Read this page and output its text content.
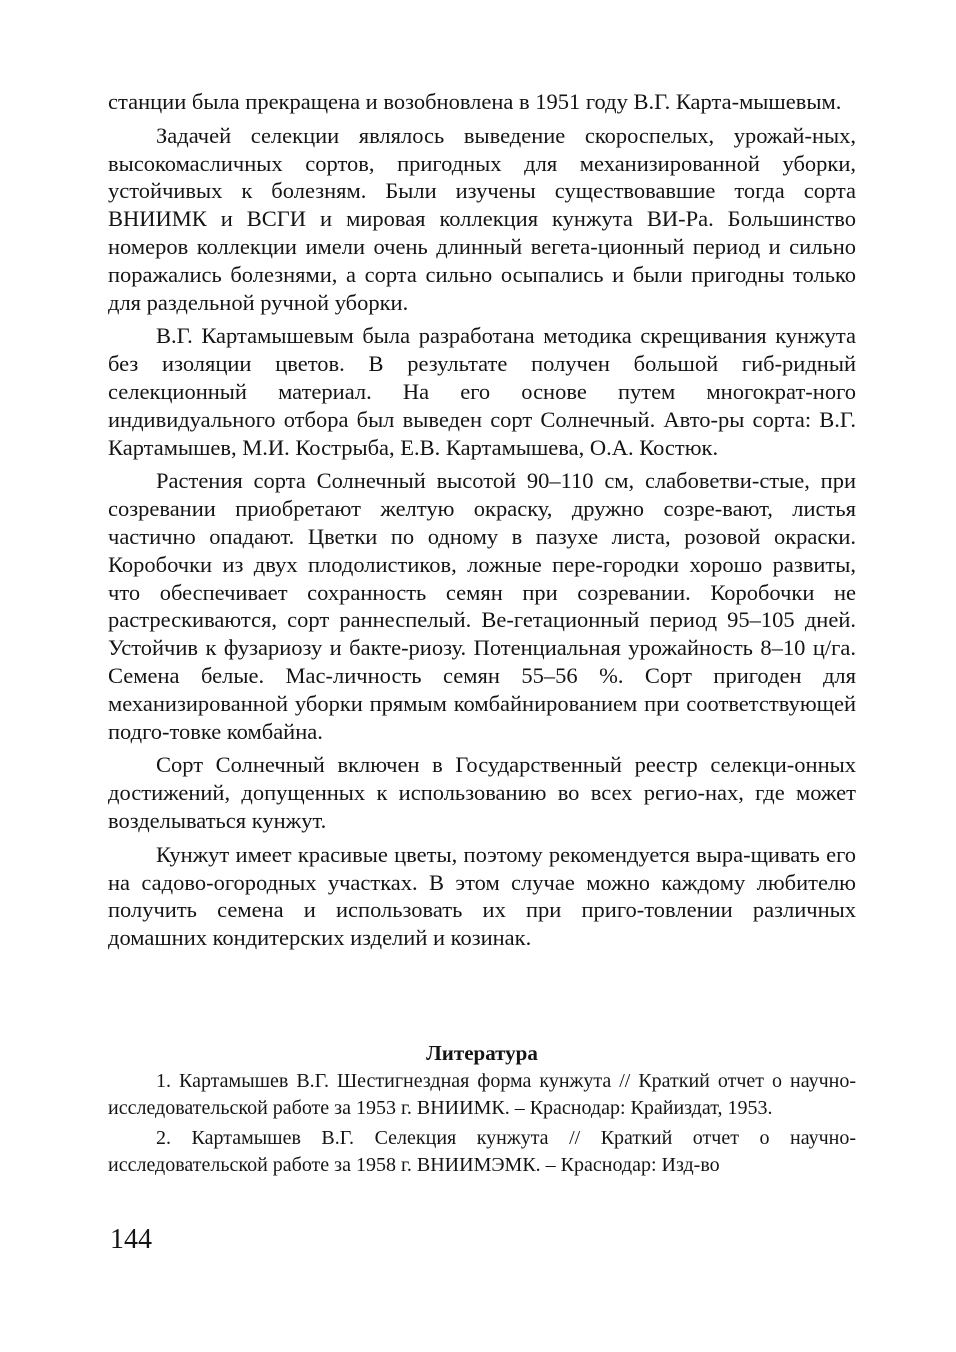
станции была прекращена и возобновлена в 1951 году В.Г. Карта-мышевым.

Задачей селекции являлось выведение скороспелых, урожай-ных, высокомасличных сортов, пригодных для механизированной уборки, устойчивых к болезням. Были изучены существовавшие тогда сорта ВНИИМК и ВСГИ и мировая коллекция кунжута ВИ-Ра. Большинство номеров коллекции имели очень длинный вегета-ционный период и сильно поражались болезнями, а сорта сильно осыпались и были пригодны только для раздельной ручной уборки.

В.Г. Картамышевым была разработана методика скрещивания кунжута без изоляции цветов. В результате получен большой гиб-ридный селекционный материал. На его основе путем многократ-ного индивидуального отбора был выведен сорт Солнечный. Авто-ры сорта: В.Г. Картамышев, М.И. Кострыба, Е.В. Картамышева, О.А. Костюк.

Растения сорта Солнечный высотой 90–110 см, слабоветви-стые, при созревании приобретают желтую окраску, дружно созре-вают, листья частично опадают. Цветки по одному в пазухе листа, розовой окраски. Коробочки из двух плодолистиков, ложные пере-городки хорошо развиты, что обеспечивает сохранность семян при созревании. Коробочки не растрескиваются, сорт раннеспелый. Ве-гетационный период 95–105 дней. Устойчив к фузариозу и бакте-риозу. Потенциальная урожайность 8–10 ц/га. Семена белые. Мас-личность семян 55–56 %. Сорт пригоден для механизированной уборки прямым комбайнированием при соответствующей подго-товке комбайна.

Сорт Солнечный включен в Государственный реестр селекци-онных достижений, допущенных к использованию во всех регио-нах, где может возделываться кунжут.

Кунжут имеет красивые цветы, поэтому рекомендуется выра-щивать его на садово-огородных участках. В этом случае можно каждому любителю получить семена и использовать их при приго-товлении различных домашних кондитерских изделий и козинак.

Литература

1. Картамышев В.Г. Шестигнездная форма кунжута // Краткий отчет о научно-исследовательской работе за 1953 г. ВНИИМК. – Краснодар: Крайиздат, 1953.

2. Картамышев В.Г. Селекция кунжута // Краткий отчет о научно-исследовательской работе за 1958 г. ВНИИМЭМК. – Краснодар: Изд-во

144
